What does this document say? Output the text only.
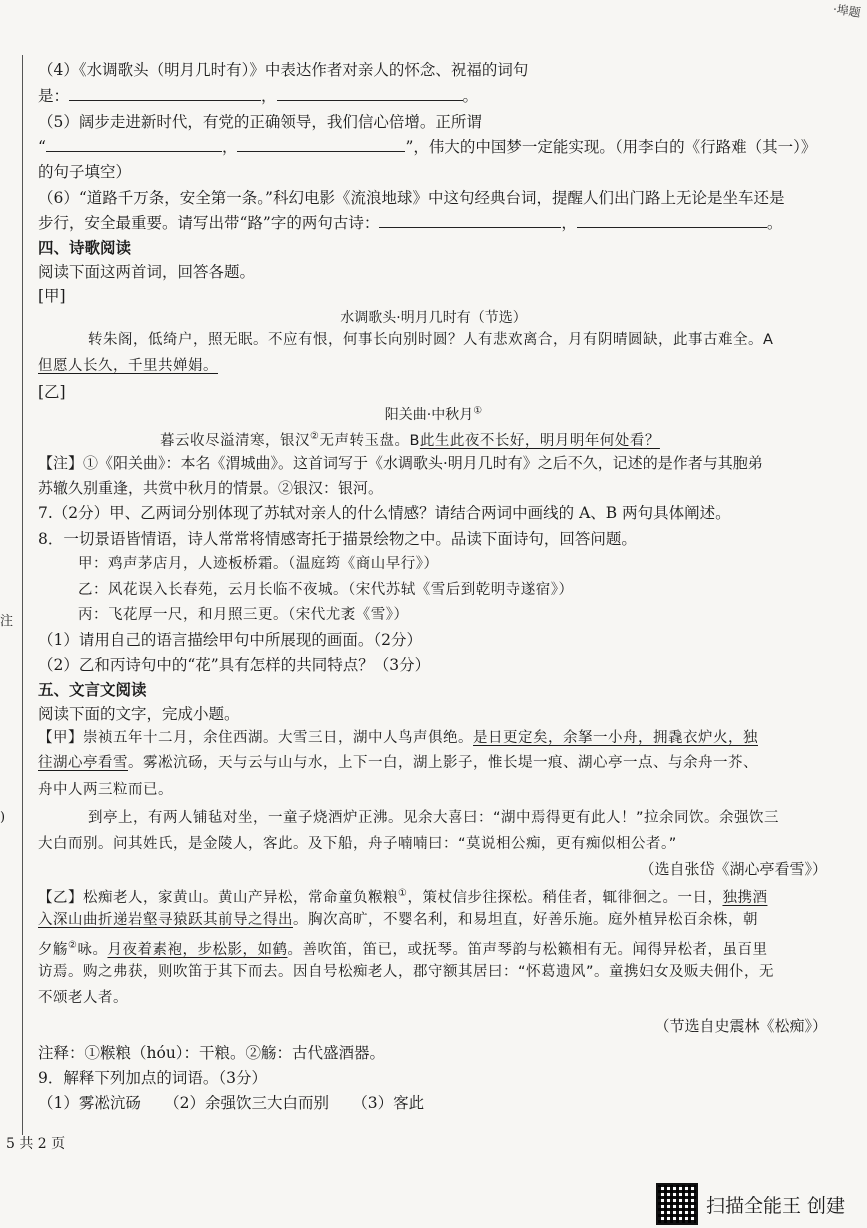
·埠题
（4）《水调歌头（明月几时有）》中表达作者对亲人的怀念、祝福的词句
是：	，	。
（5）阔步走进新时代，有党的正确领导，我们信心倍增。正所谓
“	，	”，伟大的中国梦一定能实现。（用李白的《行路难（其一）》
的句子填空）
（6）“道路千万条，安全第一条。”科幻电影《流浪地球》中这句经典台词，提醒人们出门路上无论是坐车还是
步行，安全最重要。请写出带“路”字的两句古诗：	，	。
四、诗歌阅读
阅读下面这两首词，回答各题。
[甲]
水调歌头·明月几时有（节选）
转朱阁，低绮户，照无眠。不应有恨，何事长向别时圆？人有悲欢离合，月有阴晴圆缺，此事古难全。A
但愿人长久，千里共婵娟。
[乙]
阳关曲·中秋月①
暮云收尽溢清寒，银汉②无声转玉盘。B此生此夜不长好，明月明年何处看？
【注】①《阳关曲》：本名《渭城曲》。这首词写于《水调歌头·明月几时有》之后不久，记述的是作者与其胞弟
苏辙久别重逢，共赏中秋月的情景。②银汉：银河。
7.（2分）甲、乙两词分别体现了苏轼对亲人的什么情感？请结合两词中画线的 A、B 两句具体阐述。
8．一切景语皆情语，诗人常常将情感寄托于描景绘物之中。品读下面诗句，回答问题。
甲：鸡声茅店月，人迹板桥霜。（温庭筠《商山早行》）
乙：风花误入长春苑，云月长临不夜城。（宋代苏轼《雪后到乾明寺遂宿》）
丙：飞花厚一尺，和月照三更。（宋代尤袤《雪》）
（1）请用自己的语言描绘甲句中所展现的画面。（2分）
（2）乙和丙诗句中的“花”具有怎样的共同特点？（3分）
五、文言文阅读
阅读下面的文字，完成小题。
【甲】崇祯五年十二月，余住西湖。大雪三日，湖中人鸟声俱绝。是日更定矣，余拏一小舟，拥毳衣炉火，独
往湖心亭看雪。雾凇沆砀，天与云与山与水，上下一白，湖上影子，惟长堤一痕、湖心亭一点、与余舟一芥、
舟中人两三粒而已。
到亭上，有两人铺毡对坐，一童子烧酒炉正沸。见余大喜曰：“湖中焉得更有此人！”拉余同饮。余强饮三
大白而别。问其姓氏，是金陵人，客此。及下船，舟子喃喃曰：“莫说相公痴，更有痴似相公者。”
（选自张岱《湖心亭看雪》）
【乙】松痴老人，家黄山。黄山产异松，常命童负糇粮①，策杖信步往探松。稍佳者，辄徘徊之。一日，独携酒
入深山曲折递岩壑寻猿跃其前导之得出。胸次高旷，不婴名利，和易坦直，好善乐施。庭外植异松百余株，朝
夕觞②咏。月夜着素袍，步松影，如鹤。善吹笛，笛已，或抚琴。笛声琴韵与松籁相有无。闻得异松者，虽百里
访焉。购之弗获，则吹笛于其下而去。因自号松痴老人，郡守额其居曰：“怀葛遗风”。童携妇女及贩夫佣仆，无
不颂老人者。
（节选自史震林《松痴》）
注释：①糇粮（hóu）：干粮。②觞：古代盛酒器。
9．解释下列加点的词语。（3分）
（1）雾凇沆砀　　（2）余强饮三大白而别　　（3）客此
注
)
5 共 2 页
扫描全能王 创建
